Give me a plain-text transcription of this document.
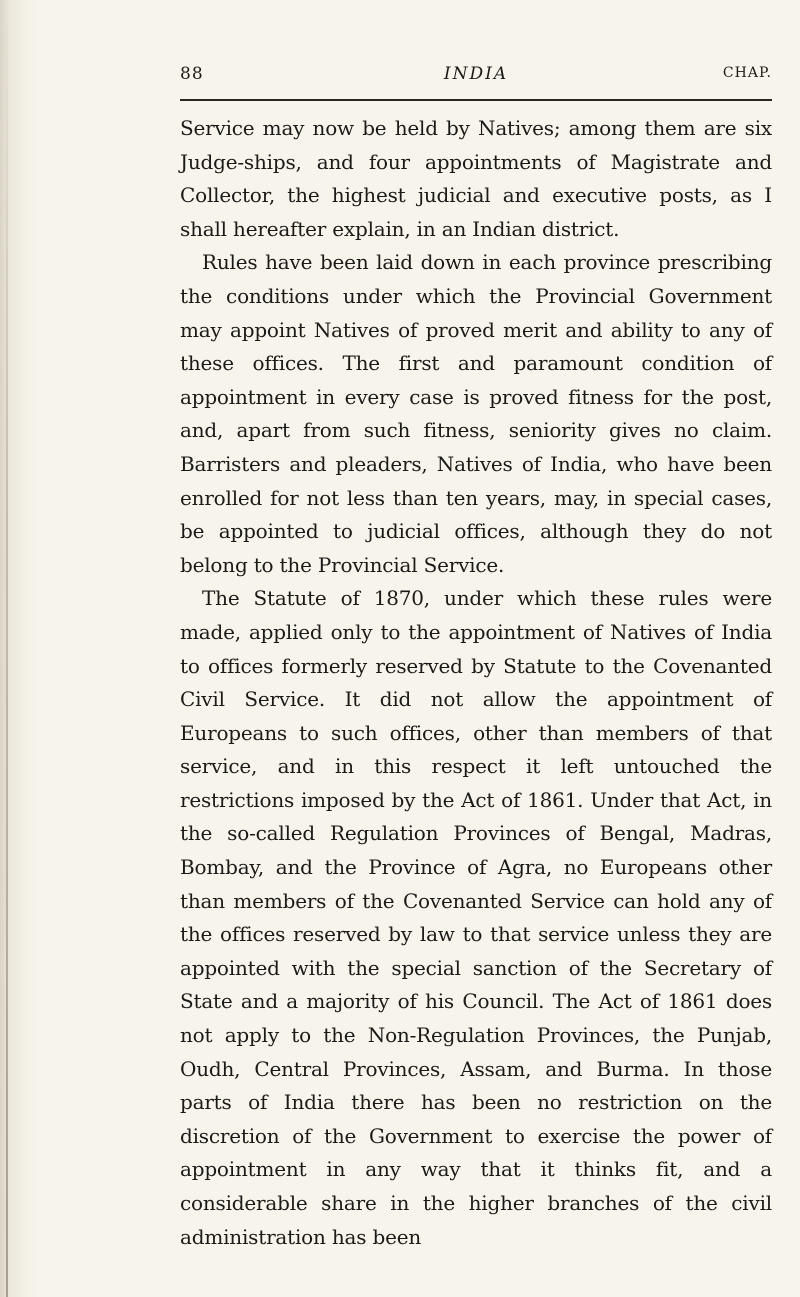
88	INDIA	CHAP.

Service may now be held by Natives; among them are six Judge-ships, and four appointments of Magistrate and Collector, the highest judicial and executive posts, as I shall hereafter explain, in an Indian district.

Rules have been laid down in each province prescribing the conditions under which the Provincial Government may appoint Natives of proved merit and ability to any of these offices. The first and paramount condition of appointment in every case is proved fitness for the post, and, apart from such fitness, seniority gives no claim. Barristers and pleaders, Natives of India, who have been enrolled for not less than ten years, may, in special cases, be appointed to judicial offices, although they do not belong to the Provincial Service.

The Statute of 1870, under which these rules were made, applied only to the appointment of Natives of India to offices formerly reserved by Statute to the Covenanted Civil Service. It did not allow the appointment of Europeans to such offices, other than members of that service, and in this respect it left untouched the restrictions imposed by the Act of 1861. Under that Act, in the so-called Regulation Provinces of Bengal, Madras, Bombay, and the Province of Agra, no Europeans other than members of the Covenanted Service can hold any of the offices reserved by law to that service unless they are appointed with the special sanction of the Secretary of State and a majority of his Council. The Act of 1861 does not apply to the Non-Regulation Provinces, the Punjab, Oudh, Central Provinces, Assam, and Burma. In those parts of India there has been no restriction on the discretion of the Government to exercise the power of appointment in any way that it thinks fit, and a considerable share in the higher branches of the civil administration has been
